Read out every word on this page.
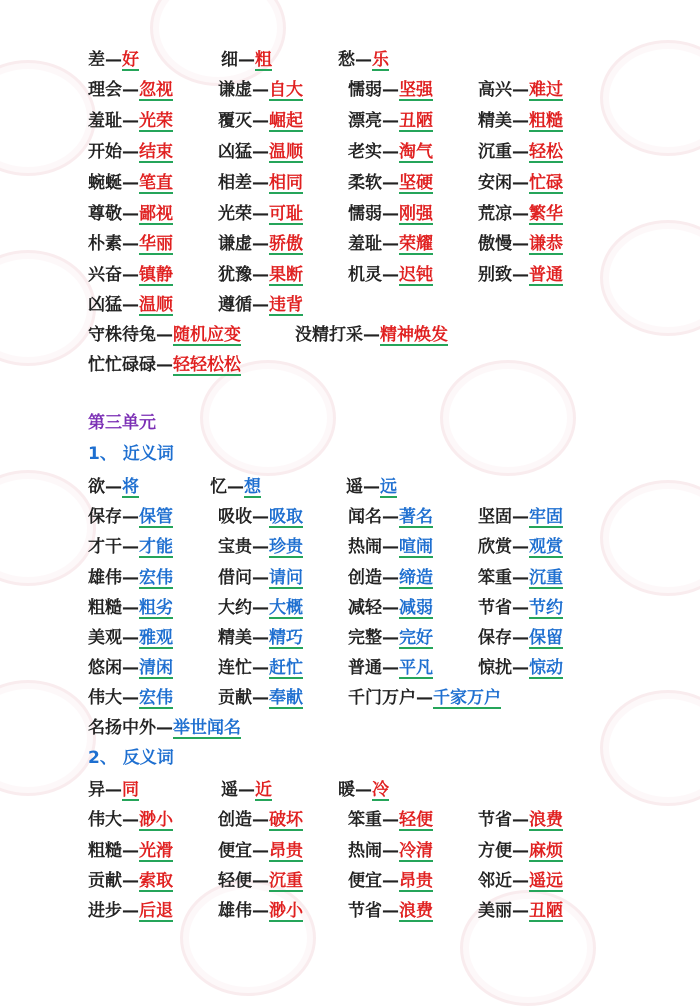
第三单元
1、 近义词
2、 反义词
差—好	细—粗	愁—乐
理会—忽视	谦虚—自大	懦弱—坚强	高兴—难过
羞耻—光荣	覆灭—崛起	漂亮—丑陋	精美—粗糙
开始—结束	凶猛—温顺	老实—淘气	沉重—轻松
蜿蜒—笔直	相差—相同	柔软—坚硬	安闲—忙碌
尊敬—鄙视	光荣—可耻	懦弱—刚强	荒凉—繁华
朴素—华丽	谦虚—骄傲	羞耻—荣耀	傲慢—谦恭
兴奋—镇静	犹豫—果断	机灵—迟钝	别致—普通
凶猛—温顺	遵循—违背
守株待兔—随机应变	没精打采—精神焕发
忙忙碌碌—轻轻松松
欲—将	忆—想	遥—远
保存—保管	吸收—吸取	闻名—著名	坚固—牢固
才干—才能	宝贵—珍贵	热闹—喧闹	欣赏—观赏
雄伟—宏伟	借问—请问	创造—缔造	笨重—沉重
粗糙—粗劣	大约—大概	减轻—减弱	节省—节约
美观—雅观	精美—精巧	完整—完好	保存—保留
悠闲—清闲	连忙—赶忙	普通—平凡	惊扰—惊动
伟大—宏伟	贡献—奉献	千门万户—千家万户
名扬中外—举世闻名
异—同	遥—近	暖—冷
伟大—渺小	创造—破坏	笨重—轻便	节省—浪费
粗糙—光滑	便宜—昂贵	热闹—冷清	方便—麻烦
贡献—索取	轻便—沉重	便宜—昂贵	邻近—遥远
进步—后退	雄伟—渺小	节省—浪费	美丽—丑陋
